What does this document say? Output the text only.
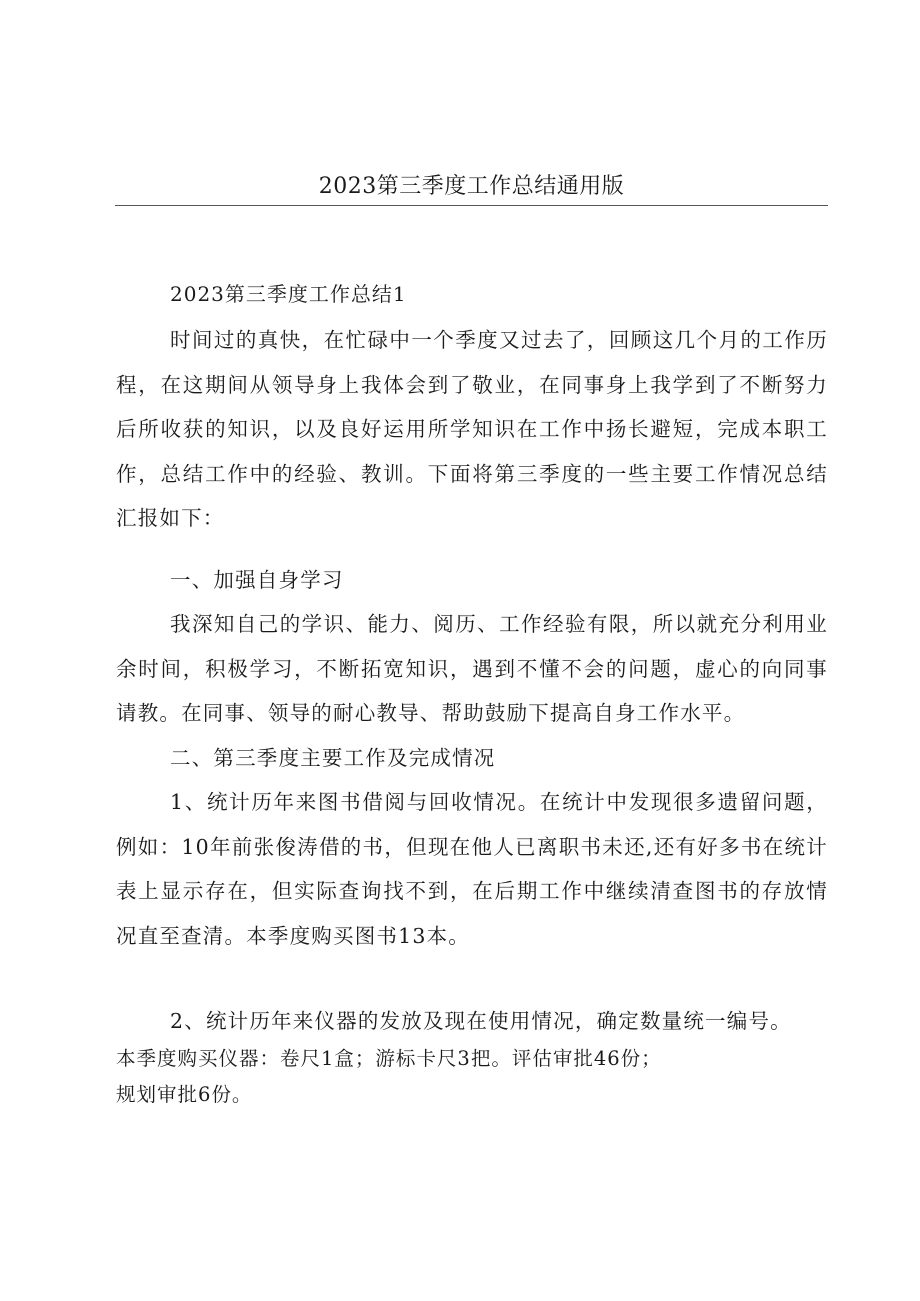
2023第三季度工作总结通用版
2023第三季度工作总结1

时间过的真快，在忙碌中一个季度又过去了，回顾这几个月的工作历程，在这期间从领导身上我体会到了敬业，在同事身上我学到了不断努力后所收获的知识，以及良好运用所学知识在工作中扬长避短，完成本职工作，总结工作中的经验、教训。下面将第三季度的一些主要工作情况总结汇报如下：

一、加强自身学习

我深知自己的学识、能力、阅历、工作经验有限，所以就充分利用业余时间，积极学习，不断拓宽知识，遇到不懂不会的问题，虚心的向同事请教。在同事、领导的耐心教导、帮助鼓励下提高自身工作水平。

二、第三季度主要工作及完成情况

1、统计历年来图书借阅与回收情况。在统计中发现很多遗留问题，例如：10年前张俊涛借的书，但现在他人已离职书未还,还有好多书在统计表上显示存在，但实际查询找不到，在后期工作中继续清查图书的存放情况直至查清。本季度购买图书13本。

2、统计历年来仪器的发放及现在使用情况，确定数量统一编号。
本季度购买仪器：卷尺1盒；游标卡尺3把。评估审批46份；
规划审批6份。
